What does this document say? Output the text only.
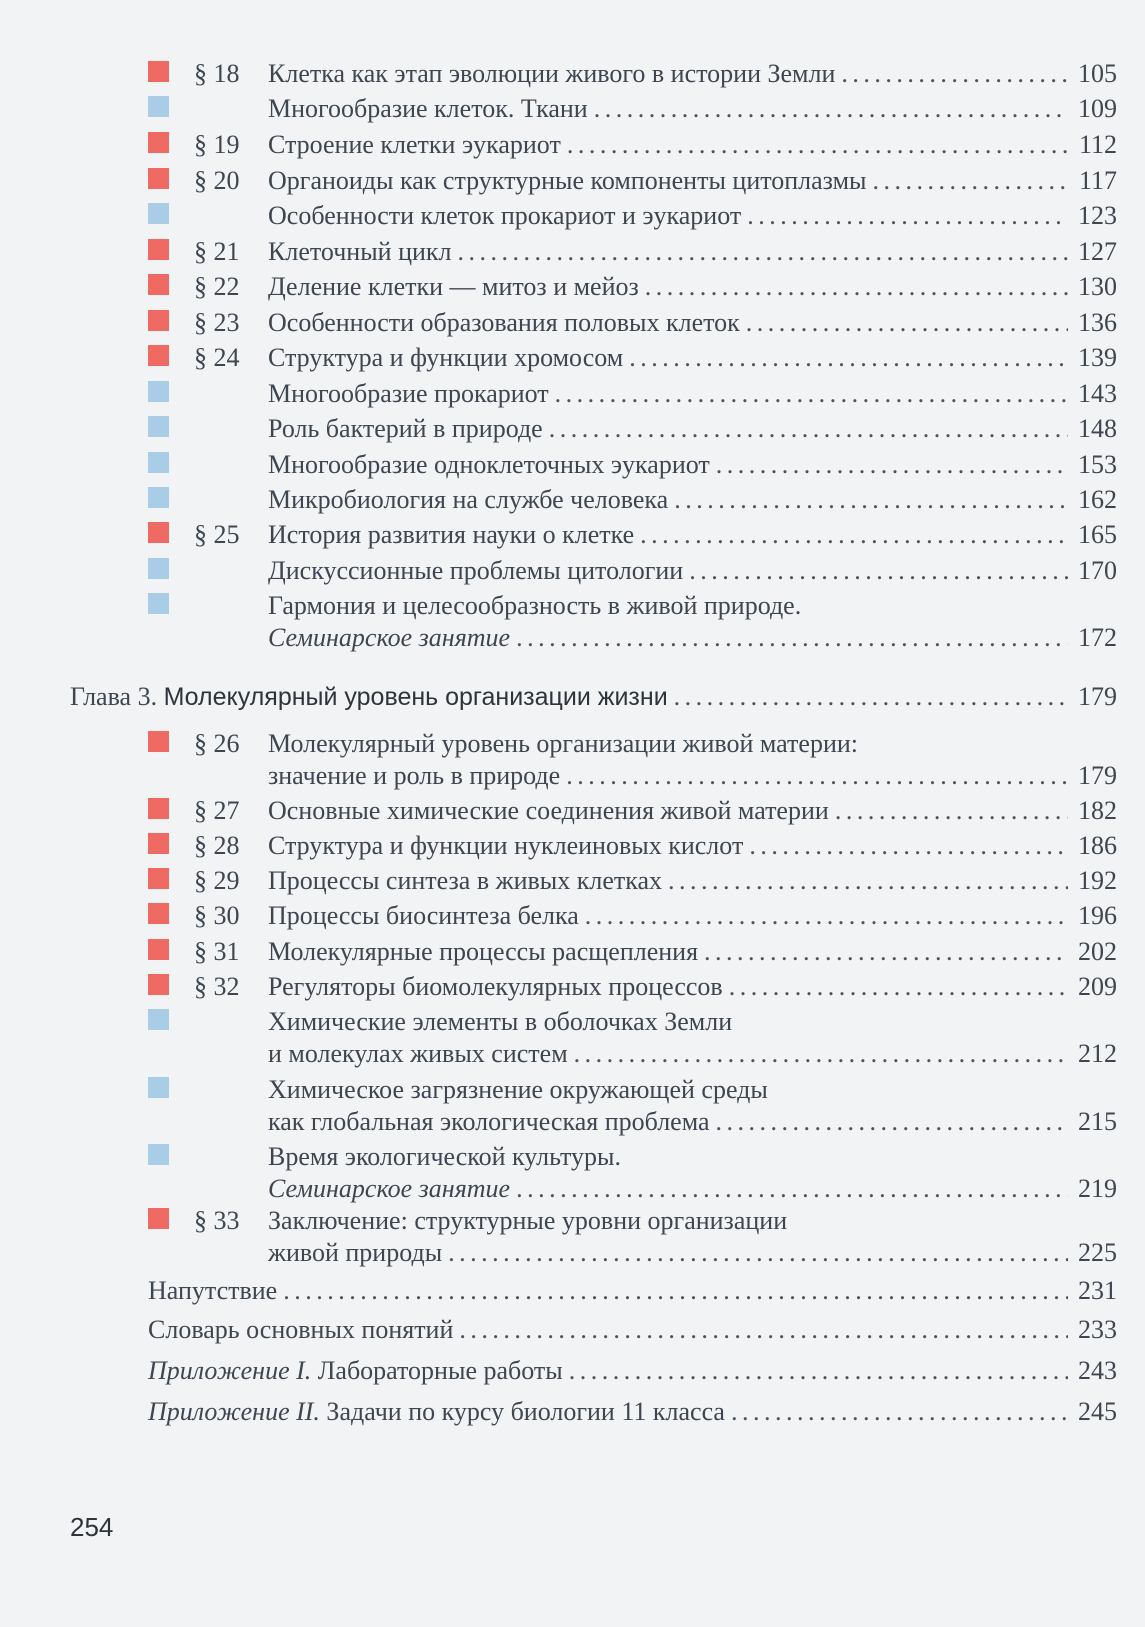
§ 18 Клетка как этап эволюции живого в истории Земли . . .	105
Многообразие клеток. Ткани . . .	109
§ 19 Строение клетки эукариот . . .	112
§ 20 Органоиды как структурные компоненты цитоплазмы . . .	117
Особенности клеток прокариот и эукариот . . .	123
§ 21 Клеточный цикл . . .	127
§ 22 Деление клетки — митоз и мейоз . . .	130
§ 23 Особенности образования половых клеток . . .	136
§ 24 Структура и функции хромосом . . .	139
Многообразие прокариот . . .	143
Роль бактерий в природе . . .	148
Многообразие одноклеточных эукариот . . .	153
Микробиология на службе человека . . .	162
§ 25 История развития науки о клетке . . .	165
Дискуссионные проблемы цитологии . . .	170
Гармония и целесообразность в живой природе.
Семинарское занятие . . .	172
Глава 3. Молекулярный уровень организации жизни . . .	179
§ 26 Молекулярный уровень организации живой материи:
значение и роль в природе . . .	179
§ 27 Основные химические соединения живой материи . . .	182
§ 28 Структура и функции нуклеиновых кислот . . .	186
§ 29 Процессы синтеза в живых клетках . . .	192
§ 30 Процессы биосинтеза белка . . .	196
§ 31 Молекулярные процессы расщепления . . .	202
§ 32 Регуляторы биомолекулярных процессов . . .	209
Химические элементы в оболочках Земли
и молекулах живых систем . . .	212
Химическое загрязнение окружающей среды
как глобальная экологическая проблема . . .	215
Время экологической культуры.
Семинарское занятие . . .	219
§ 33 Заключение: структурные уровни организации
живой природы . . .	225
Напутствие . . .	231
Словарь основных понятий . . .	233
Приложение I. Лабораторные работы . . .	243
Приложение II. Задачи по курсу биологии 11 класса . . .	245
254
